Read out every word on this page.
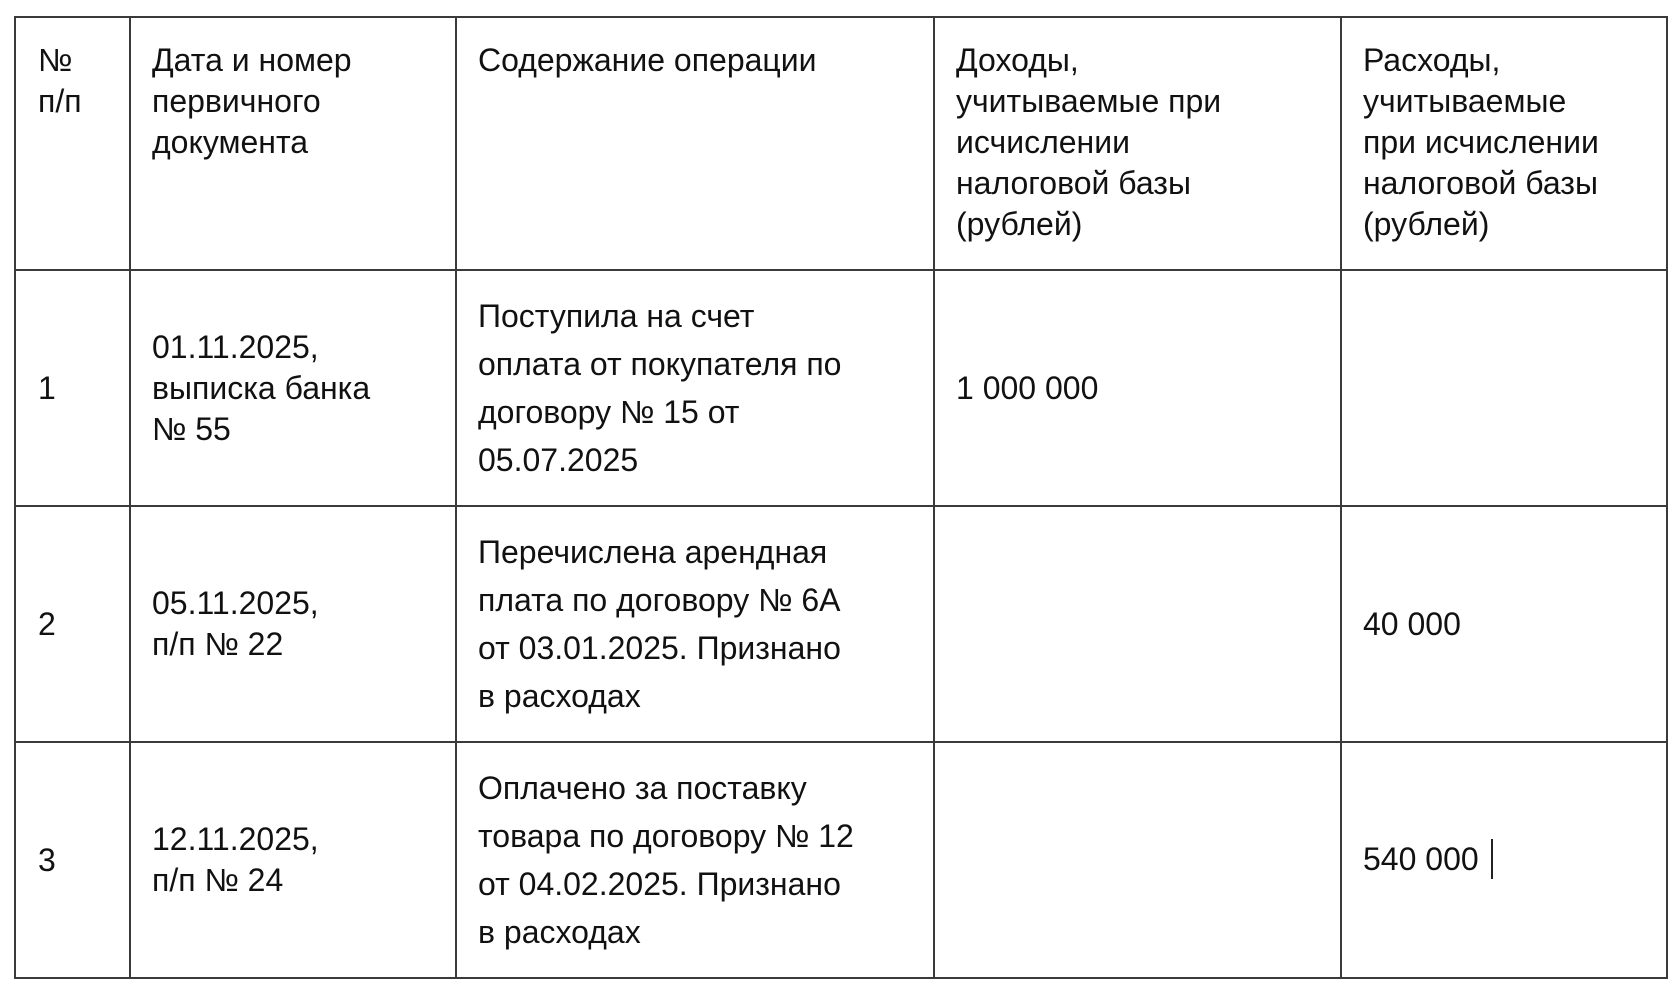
№
п/п	Дата и номер
первичного
документа	Содержание операции	Доходы,
учитываемые при
исчислении
налоговой базы
(рублей)	Расходы,
учитываемые
при исчислении
налоговой базы
(рублей)

1	01.11.2025,
выписка банка
№ 55	Поступила на счет
оплата от покупателя по
договору № 15 от
05.07.2025	1 000 000	
2	05.11.2025,
п/п № 22	Перечислена арендная
плата по договору № 6А
от 03.01.2025. Признано
в расходах		40 000
3	12.11.2025,
п/п № 24	Оплачено за поставку
товара по договору № 12
от 04.02.2025. Признано
в расходах		540 000
